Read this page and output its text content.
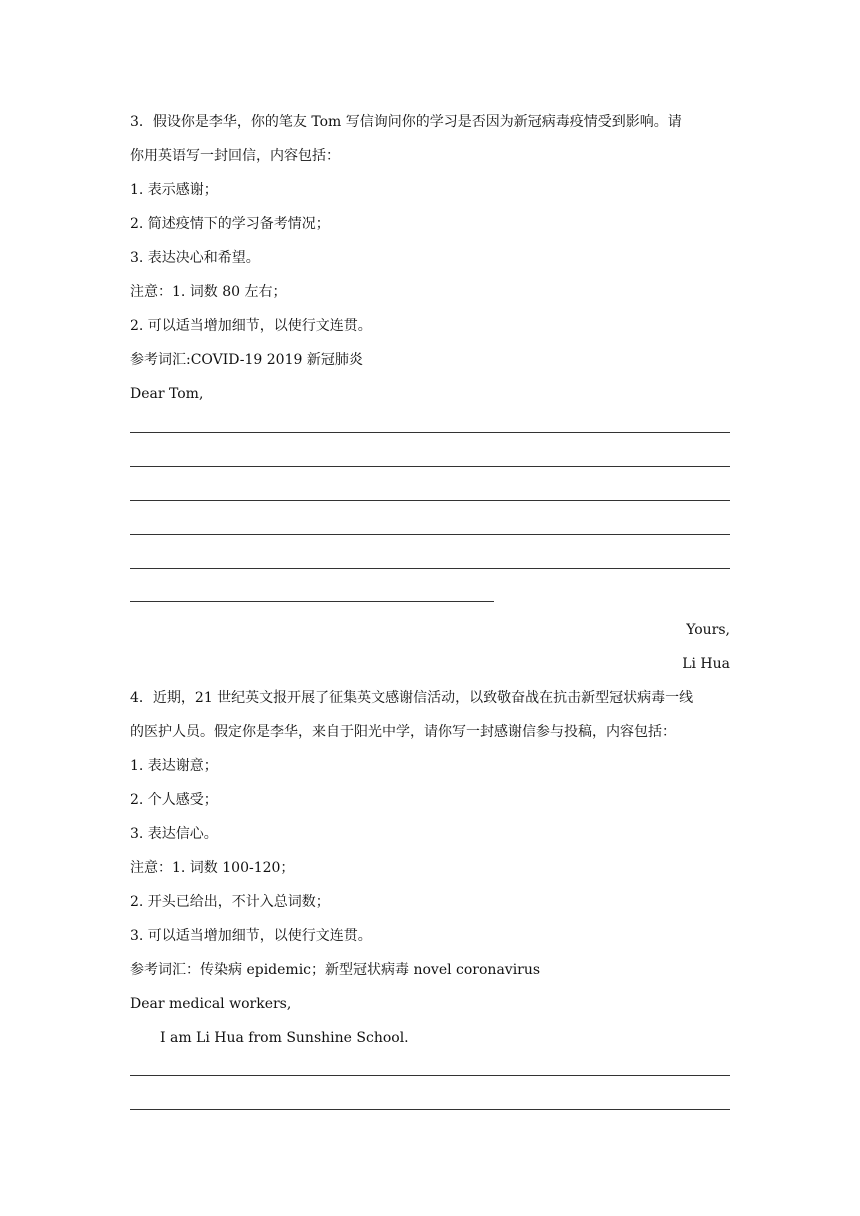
3．假设你是李华，你的笔友 Tom 写信询问你的学习是否因为新冠病毒疫情受到影响。请
你用英语写一封回信，内容包括：
1. 表示感谢；
2. 简述疫情下的学习备考情况；
3. 表达决心和希望。
注意：1. 词数 80 左右；
2. 可以适当增加细节，以使行文连贯。
参考词汇:COVID-19 2019 新冠肺炎
Dear Tom,
Yours,
Li Hua
4．近期，21 世纪英文报开展了征集英文感谢信活动，以致敬奋战在抗击新型冠状病毒一线
的医护人员。假定你是李华，来自于阳光中学，请你写一封感谢信参与投稿，内容包括：
1. 表达谢意；
2. 个人感受；
3. 表达信心。
注意：1. 词数 100-120；
2. 开头已给出，不计入总词数；
3. 可以适当增加细节，以使行文连贯。
参考词汇：传染病 epidemic；新型冠状病毒 novel coronavirus
Dear medical workers,
I am Li Hua from Sunshine School.
